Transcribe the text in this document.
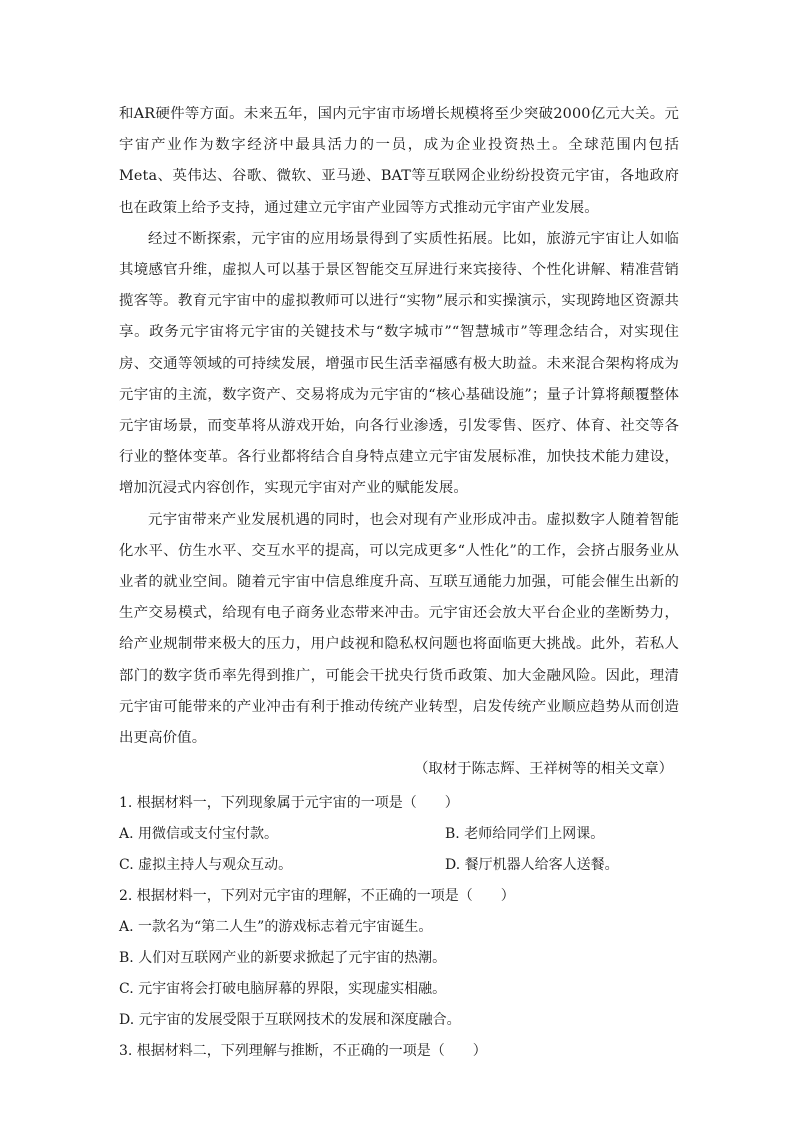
和AR硬件等方面。未来五年，国内元宇宙市场增长规模将至少突破2000亿元大关。元宇宙产业作为数字经济中最具活力的一员，成为企业投资热土。全球范围内包括Meta、英伟达、谷歌、微软、亚马逊、BAT等互联网企业纷纷投资元宇宙，各地政府也在政策上给予支持，通过建立元宇宙产业园等方式推动元宇宙产业发展。

经过不断探索，元宇宙的应用场景得到了实质性拓展。比如，旅游元宇宙让人如临其境感官升维，虚拟人可以基于景区智能交互屏进行来宾接待、个性化讲解、精准营销揽客等。教育元宇宙中的虚拟教师可以进行“实物”展示和实操演示，实现跨地区资源共享。政务元宇宙将元宇宙的关键技术与“数字城市”“智慧城市”等理念结合，对实现住房、交通等领域的可持续发展，增强市民生活幸福感有极大助益。未来混合架构将成为元宇宙的主流，数字资产、交易将成为元宇宙的“核心基础设施”；量子计算将颠覆整体元宇宙场景，而变革将从游戏开始，向各行业渗透，引发零售、医疗、体育、社交等各行业的整体变革。各行业都将结合自身特点建立元宇宙发展标准，加快技术能力建设，增加沉浸式内容创作，实现元宇宙对产业的赋能发展。

元宇宙带来产业发展机遇的同时，也会对现有产业形成冲击。虚拟数字人随着智能化水平、仿生水平、交互水平的提高，可以完成更多“人性化”的工作，会挤占服务业从业者的就业空间。随着元宇宙中信息维度升高、互联互通能力加强，可能会催生出新的生产交易模式，给现有电子商务业态带来冲击。元宇宙还会放大平台企业的垄断势力，给产业规制带来极大的压力，用户歧视和隐私权问题也将面临更大挑战。此外，若私人部门的数字货币率先得到推广，可能会干扰央行货币政策、加大金融风险。因此，理清元宇宙可能带来的产业冲击有利于推动传统产业转型，启发传统产业顺应趋势从而创造出更高价值。

（取材于陈志辉、王祥树等的相关文章）

1. 根据材料一，下列现象属于元宇宙的一项是（　　）

A. 用微信或支付宝付款。	B. 老师给同学们上网课。
C. 虚拟主持人与观众互动。	D. 餐厅机器人给客人送餐。

2. 根据材料一，下列对元宇宙的理解，不正确的一项是（　　）

A. 一款名为“第二人生”的游戏标志着元宇宙诞生。

B. 人们对互联网产业的新要求掀起了元宇宙的热潮。

C. 元宇宙将会打破电脑屏幕的界限，实现虚实相融。

D. 元宇宙的发展受限于互联网技术的发展和深度融合。

3. 根据材料二，下列理解与推断，不正确的一项是（　　）
